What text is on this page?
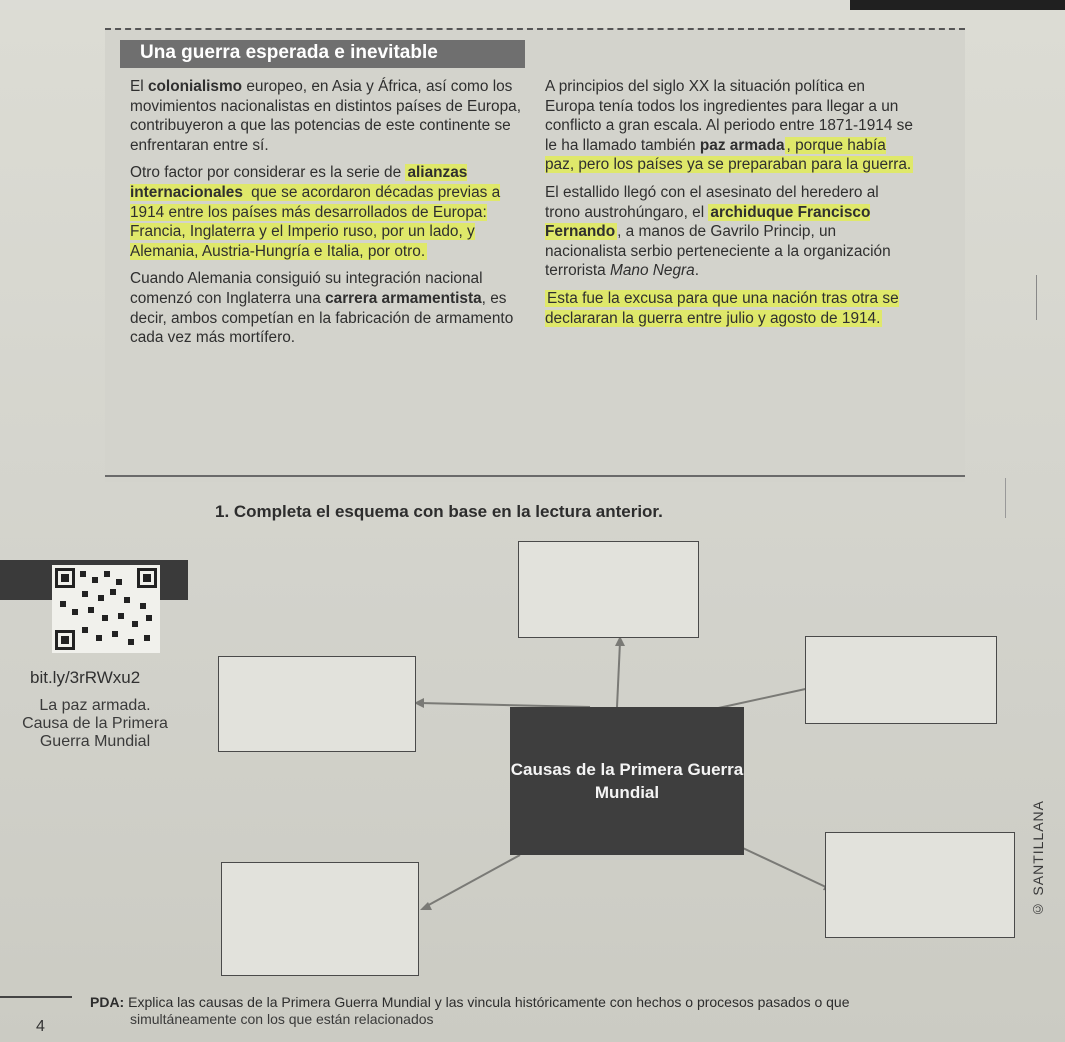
Una guerra esperada e inevitable

El colonialismo europeo, en Asia y África, así como los movimientos nacionalistas en distintos países de Europa, contribuyeron a que las potencias de este continente se enfrentaran entre sí.

Otro factor por considerar es la serie de alianzas internacionales que se acordaron décadas previas a 1914 entre los países más desarrollados de Europa: Francia, Inglaterra y el Imperio ruso, por un lado, y Alemania, Austria-Hungría e Italia, por otro.

Cuando Alemania consiguió su integración nacional comenzó con Inglaterra una carrera armamentista, es decir, ambos competían en la fabricación de armamento cada vez más mortífero.

A principios del siglo XX la situación política en Europa tenía todos los ingredientes para llegar a un conflicto a gran escala. Al periodo entre 1871-1914 se le ha llamado también paz armada , porque había paz, pero los países ya se preparaban para la guerra.

El estallido llegó con el asesinato del heredero al trono austrohúngaro, el archiduque Francisco Fernando , a manos de Gavrilo Princip, un nacionalista serbio perteneciente a la organización terrorista Mano Negra.

Esta fue la excusa para que una nación tras otra se declararan la guerra entre julio y agosto de 1914.

1. Completa el esquema con base en la lectura anterior.
bit.ly/3rRWxu2
La paz armada.
Causa de la Primera
Guerra Mundial
Causas de la Primera Guerra Mundial
© SANTILLANA
4
PDA: Explica las causas de la Primera Guerra Mundial y las vincula históricamente con hechos o procesos pasados o que
simultáneamente con los que están relacionados
